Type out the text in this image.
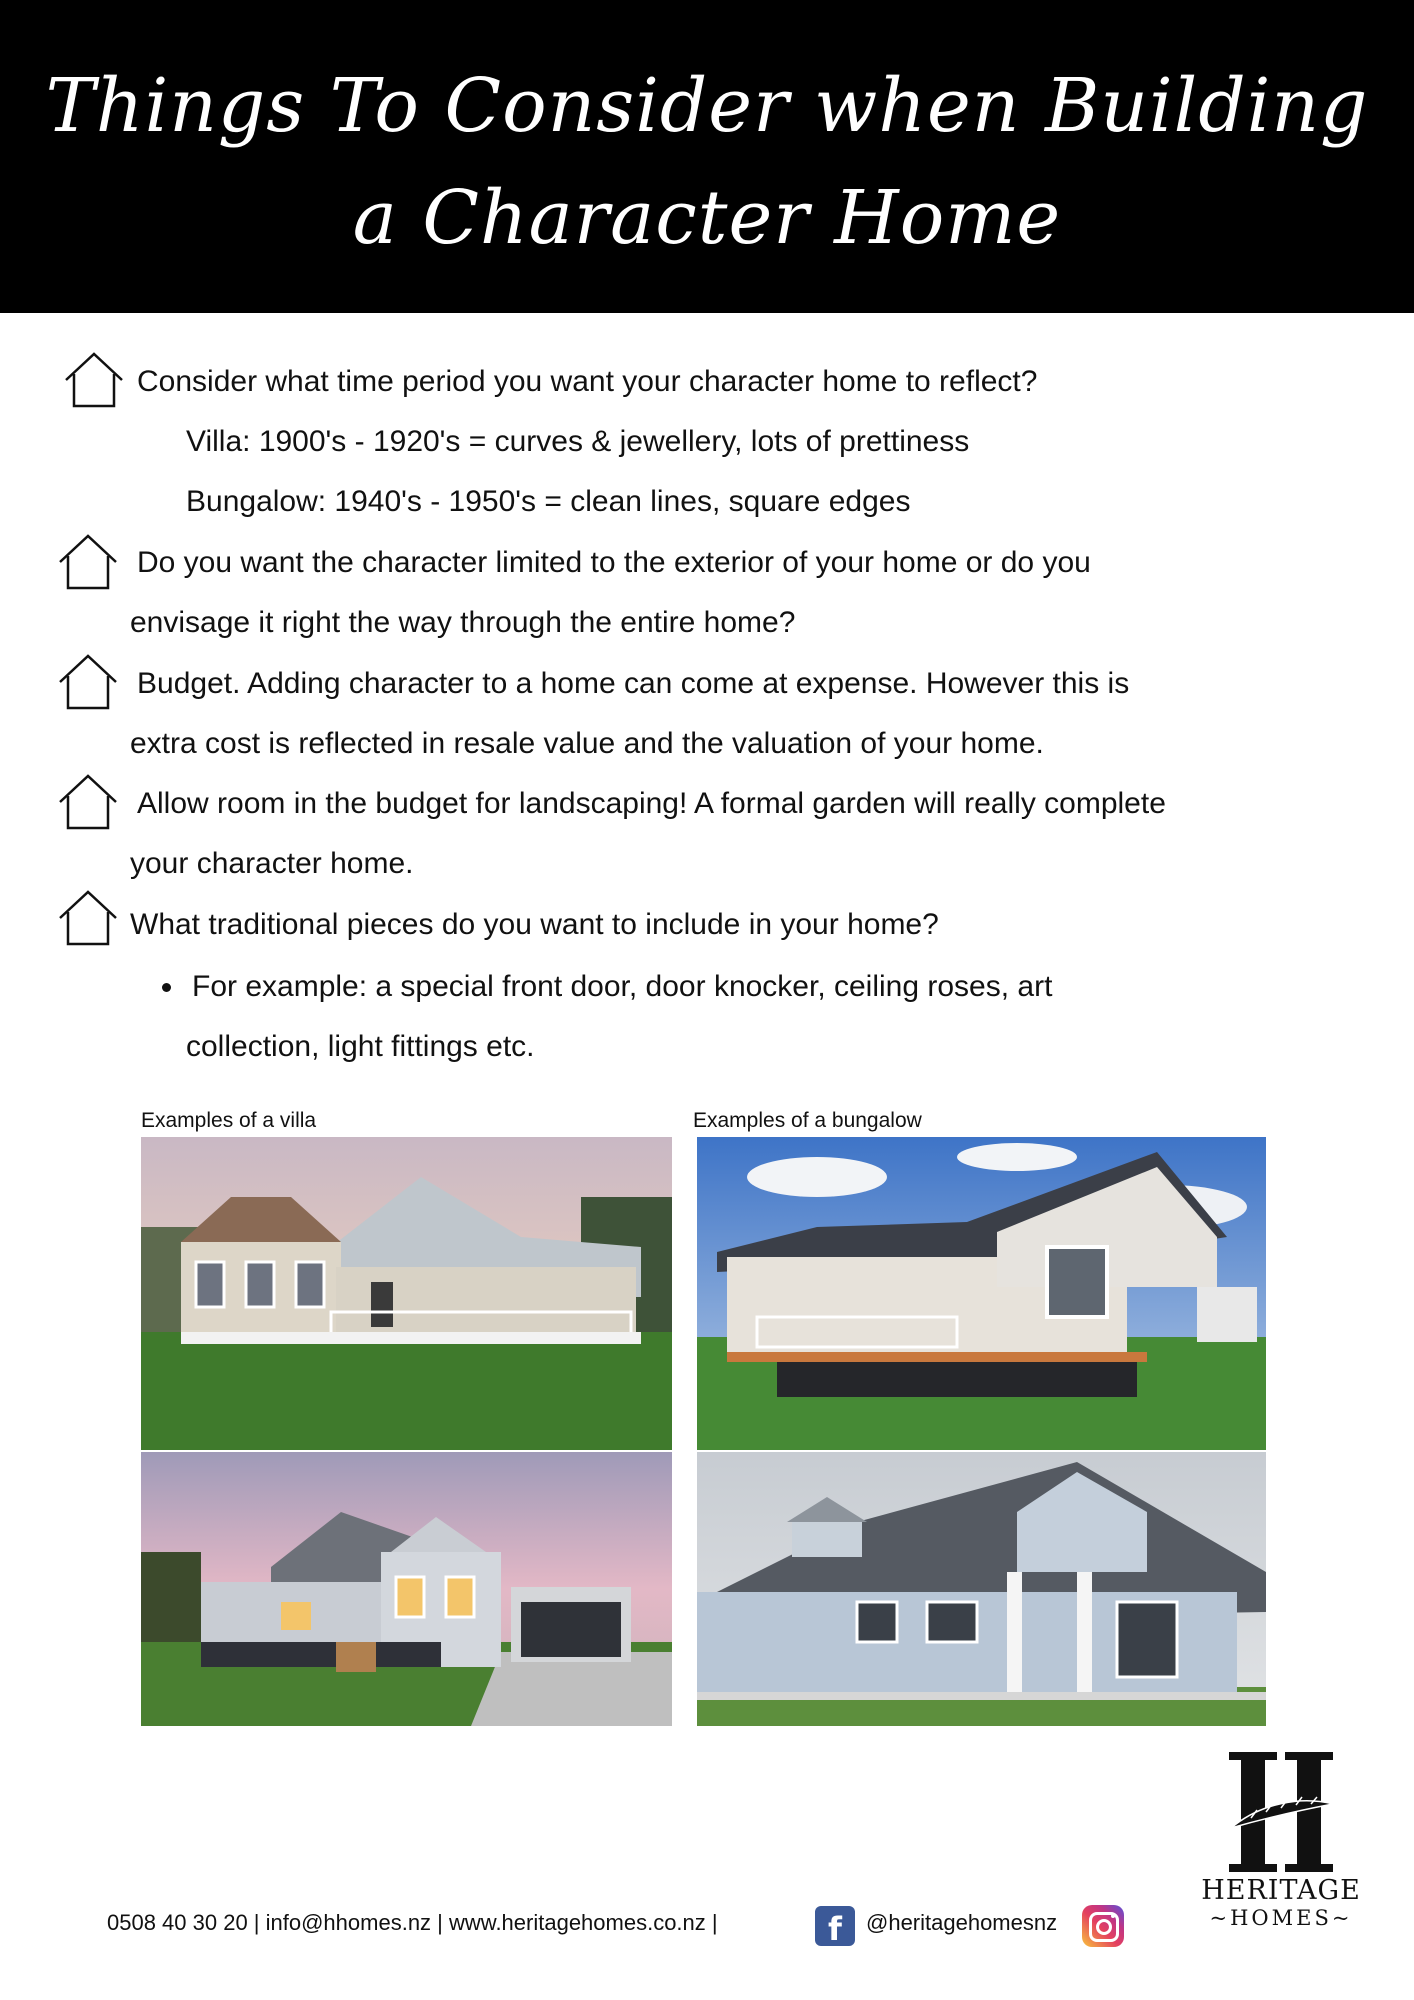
Things To Consider when Building a Character Home
Consider what time period you want your character home to reflect?
Villa: 1900's - 1920's = curves & jewellery, lots of prettiness
Bungalow: 1940's - 1950's = clean lines, square edges
Do you want the character limited to the exterior of your home or do you
envisage it right the way through the entire home?
Budget. Adding character to a home can come at expense. However this is
extra cost is reflected in resale value and the valuation of your home.
Allow room in the budget for landscaping! A formal garden will really complete
your character home.
What traditional pieces do you want to include in your home?
For example: a special front door, door knocker, ceiling roses, art
collection, light fittings etc.
Examples of a villa	Examples of a bungalow
HERITAGE
~HOMES~
0508 40 30 20 | info@hhomes.nz | www.heritagehomes.co.nz |	f	@heritagehomesnz
